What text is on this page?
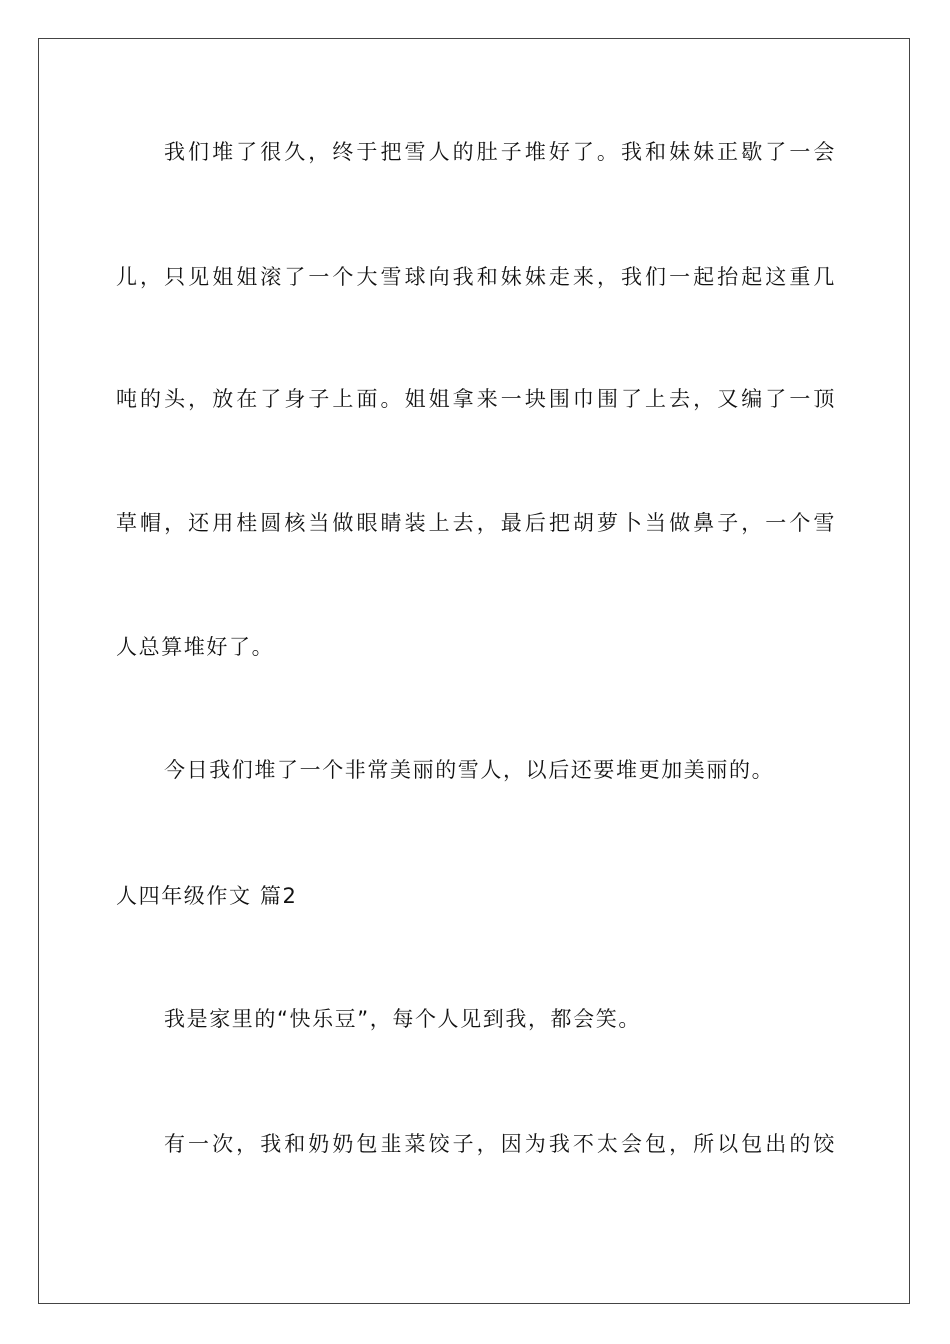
我们堆了很久，终于把雪人的肚子堆好了。我和妹妹正歇了一会
儿，只见姐姐滚了一个大雪球向我和妹妹走来，我们一起抬起这重几
吨的头，放在了身子上面。姐姐拿来一块围巾围了上去，又编了一顶
草帽，还用桂圆核当做眼睛装上去，最后把胡萝卜当做鼻子，一个雪
人总算堆好了。
今日我们堆了一个非常美丽的雪人，以后还要堆更加美丽的。
人四年级作文 篇2
我是家里的“快乐豆”，每个人见到我，都会笑。
有一次，我和奶奶包韭菜饺子，因为我不太会包，所以包出的饺
